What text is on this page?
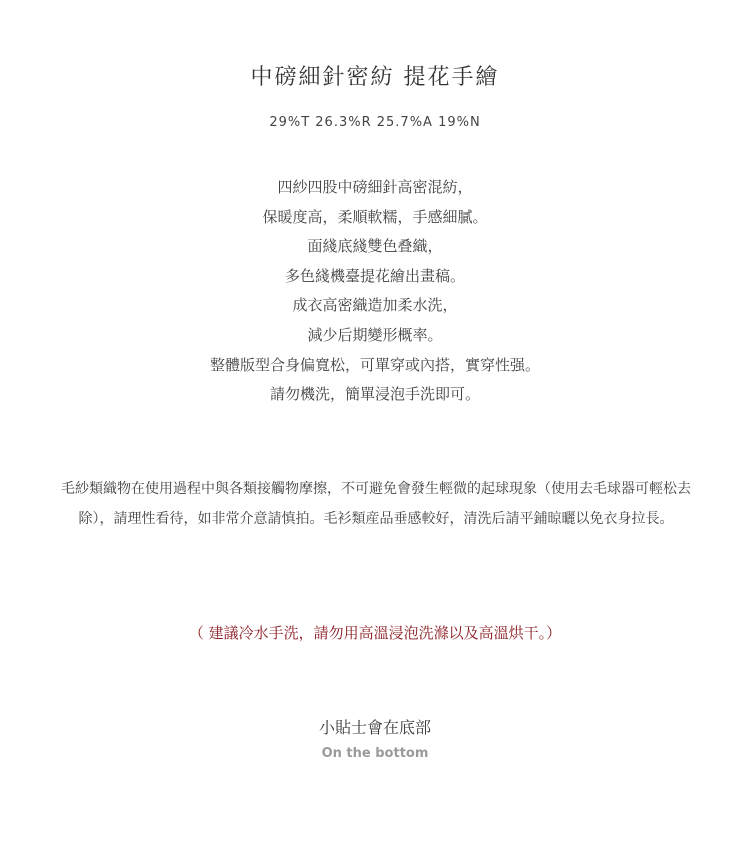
中磅細針密紡 提花手繪
29%T 26.3%R 25.7%A 19%N
四紗四股中磅細針高密混紡，
保暖度高，柔順軟糯，手感細膩。
面綫底綫雙色叠織，
多色綫機臺提花繪出畫稿。
成衣高密織造加柔水洗，
減少后期變形概率。
整體版型合身偏寬松，可單穿或內搭，實穿性强。
請勿機洗，簡單浸泡手洗即可。
毛紗類織物在使用過程中與各類接觸物摩擦，不可避免會發生輕微的起球現象（使用去毛球器可輕松去除），請理性看待，如非常介意請慎拍。毛衫類産品垂感較好，清洗后請平鋪晾曬以免衣身拉長。
（ 建議冷水手洗，請勿用高溫浸泡洗滌以及高溫烘干。）
小貼士會在底部
On the bottom
